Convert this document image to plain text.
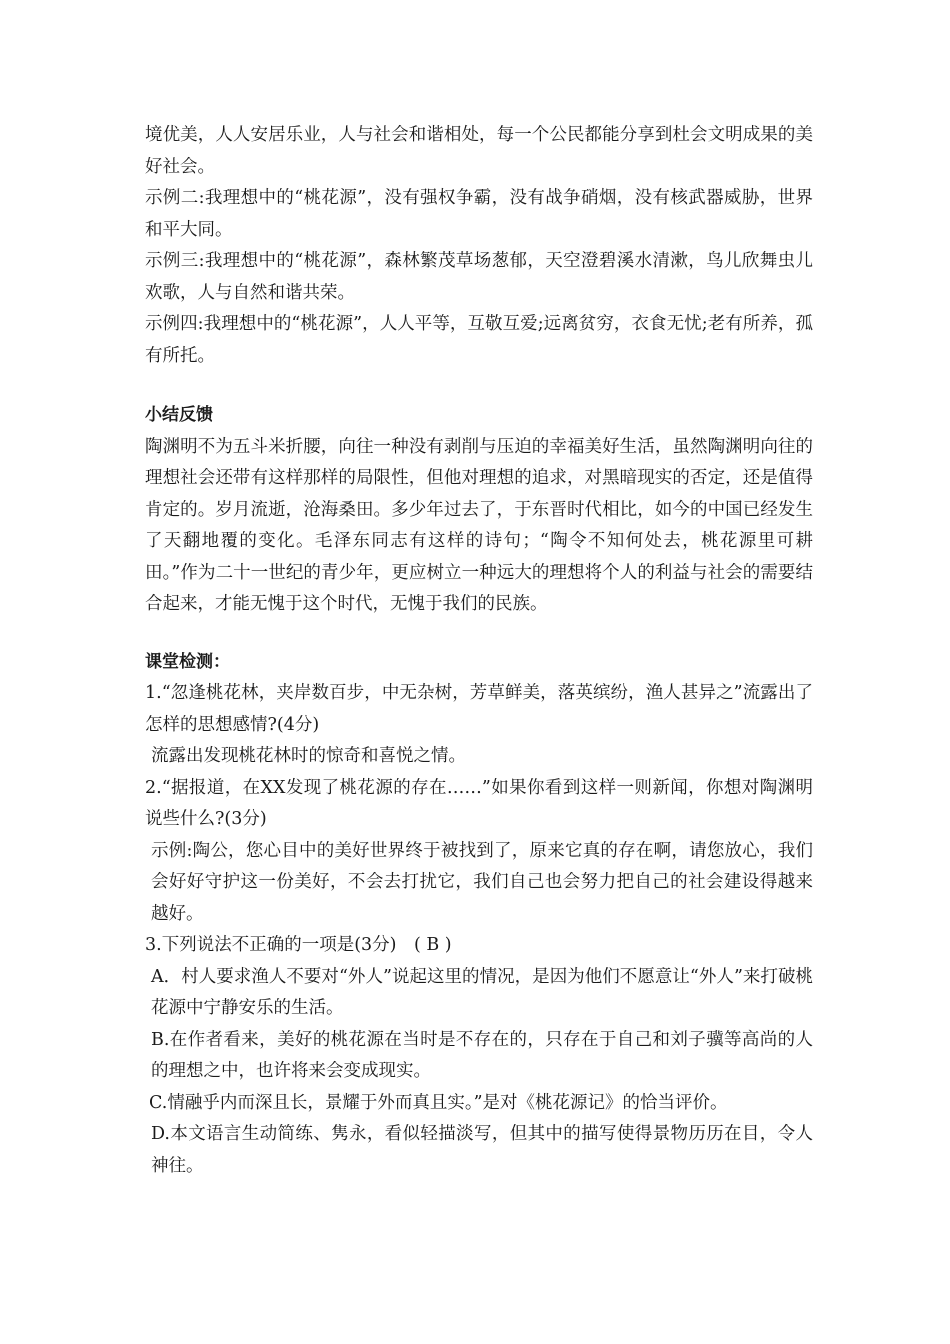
境优美，人人安居乐业，人与社会和谐相处，每一个公民都能分享到杜会文明成果的美好社会。

示例二:我理想中的“桃花源”，没有强权争霸，没有战争硝烟，没有核武器威胁，世界和平大同。

示例三:我理想中的“桃花源”，森林繁茂草场葱郁，天空澄碧溪水清漱，鸟儿欣舞虫儿欢歌，人与自然和谐共荣。

示例四:我理想中的“桃花源”，人人平等，互敬互爱;远离贫穷，衣食无忧;老有所养，孤有所托。

小结反馈

陶渊明不为五斗米折腰，向往一种没有剥削与压迫的幸福美好生活，虽然陶渊明向往的理想社会还带有这样那样的局限性，但他对理想的追求，对黑暗现实的否定，还是值得肯定的。岁月流逝，沧海桑田。多少年过去了，于东晋时代相比，如今的中国已经发生了天翻地覆的变化。毛泽东同志有这样的诗句；“陶令不知何处去，桃花源里可耕田。”作为二十一世纪的青少年，更应树立一种远大的理想将个人的利益与社会的需要结合起来，才能无愧于这个时代，无愧于我们的民族。

课堂检测：

1.“忽逢桃花林，夹岸数百步，中无杂树，芳草鲜美，落英缤纷，渔人甚异之”流露出了怎样的思想感情?(4分)

流露出发现桃花林时的惊奇和喜悦之情。

2.“据报道，在XX发现了桃花源的存在……”如果你看到这样一则新闻，你想对陶渊明说些什么?(3分)

示例:陶公，您心目中的美好世界终于被找到了，原来它真的存在啊，请您放心，我们会好好守护这一份美好，不会去打扰它，我们自己也会努力把自己的社会建设得越来越好。

3.下列说法不正确的一项是(3分)　( B )

A．村人要求渔人不要对“外人”说起这里的情况，是因为他们不愿意让“外人”来打破桃花源中宁静安乐的生活。

B.在作者看来，美好的桃花源在当时是不存在的，只存在于自己和刘子骥等高尚的人的理想之中，也许将来会变成现实。

C.情融乎内而深且长，景耀于外而真且实。”是对《桃花源记》的恰当评价。

D.本文语言生动简练、隽永，看似轻描淡写，但其中的描写使得景物历历在目，令人神往。
